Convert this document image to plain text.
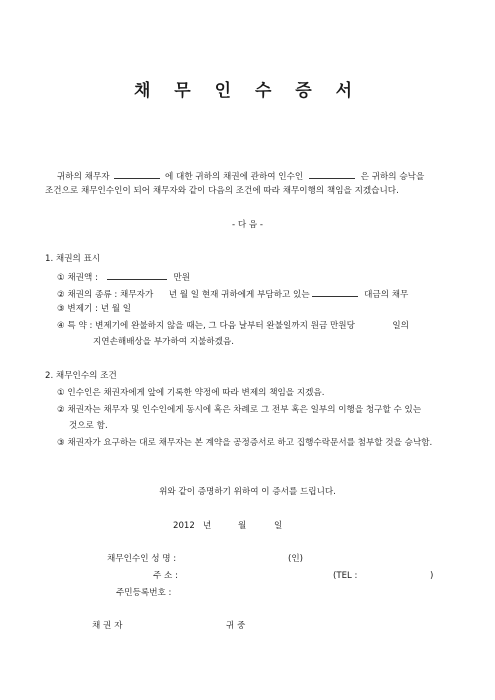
채 무 인 수 증 서
귀하의 채무자	에 대한 귀하의 채권에 관하여 인수인	은 귀하의 승낙을
조건으로 채무인수인이 되어 채무자와 같이 다음의 조건에 따라 채무이행의 책임을 지겠습니다.
- 다 음 -
1. 채권의 표시
① 채권액 :	만원
② 채권의 종류 : 채무자가 년 월 일 현재 귀하에게 부담하고 있는	대금의 채무
③ 변제기 : 년 월 일
④ 특 약 : 변제기에 완불하지 않을 때는, 그 다음 날부터 완불일까지 원금 만원당	일의
지연손해배상을 부가하여 지불하겠음.
2. 채무인수의 조건
① 인수인은 채권자에게 앞에 기록한 약정에 따라 변제의 책임을 지겠음.
② 채권자는 채무자 및 인수인에게 동시에 혹은 차례로 그 전부 혹은 일부의 이행을 청구할 수 있는
것으로 함.
③ 채권자가 요구하는 대로 채무자는 본 계약을 공정증서로 하고 집행수락문서를 첨부할 것을 승낙함.
위와 같이 증명하기 위하여 이 증서를 드립니다.
2012 년	월	일
채무인수인 성 명 :	(인)
주 소 :	(TEL :	)
주민등록번호 :
채 권 자	귀 중
